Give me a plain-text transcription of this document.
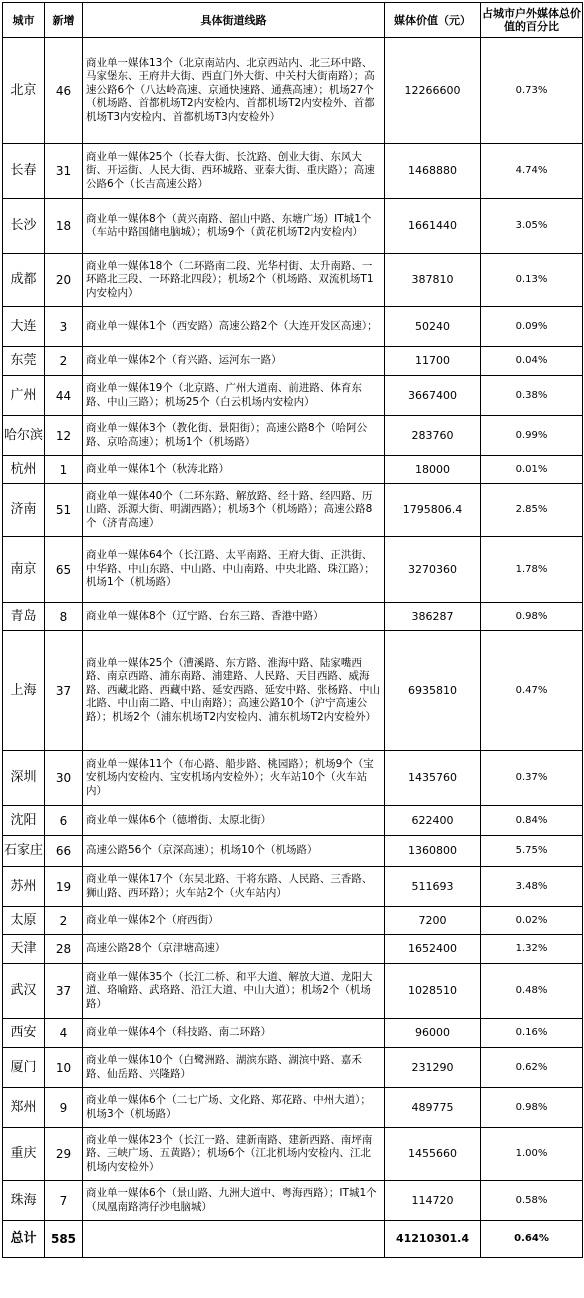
城市	新增	具体街道线路	媒体价值（元）	占城市户外媒体总价值的百分比
北京	46	商业单一媒体13个（北京南站内、北京西站内、北三环中路、马家堡东、王府井大街、西直门外大街、中关村大街南路）；高速公路6个（八达岭高速、京通快速路、通燕高速）；机场27个（机场路、首都机场T2内安检内、首都机场T2内安检外、首都机场T3内安检内、首都机场T3内安检外）	12266600	0.73%
长春	31	商业单一媒体25个（长春大街、长沈路、创业大街、东风大街、开运街、人民大街、西环城路、亚泰大街、重庆路）；高速公路6个（长吉高速公路）	1468880	4.74%
长沙	18	商业单一媒体8个（黄兴南路、韶山中路、东塘广场）IT城1个（车站中路国储电脑城）；机场9个（黄花机场T2内安检内）	1661440	3.05%
成都	20	商业单一媒体18个（二环路南二段、光华村街、太升南路、一环路北三段、一环路北四段）；机场2个（机场路、双流机场T1内安检内）	387810	0.13%
大连	3	商业单一媒体1个（西安路）高速公路2个（大连开发区高速）；	50240	0.09%
东莞	2	商业单一媒体2个（育兴路、运河东一路）	11700	0.04%
广州	44	商业单一媒体19个（北京路、广州大道南、前进路、体育东路、中山三路）；机场25个（白云机场内安检内）	3667400	0.38%
哈尔滨	12	商业单一媒体3个（教化街、景阳街）；高速公路8个（哈阿公路、京哈高速）；机场1个（机场路）	283760	0.99%
杭州	1	商业单一媒体1个（秋涛北路）	18000	0.01%
济南	51	商业单一媒体40个（二环东路、解放路、经十路、经四路、历山路、泺源大街、明湖西路）；机场3个（机场路）；高速公路8个（济青高速）	1795806.4	2.85%
南京	65	商业单一媒体64个（长江路、太平南路、王府大街、正洪街、中华路、中山东路、中山路、中山南路、中央北路、珠江路）；机场1个（机场路）	3270360	1.78%
青岛	8	商业单一媒体8个（辽宁路、台东三路、香港中路）	386287	0.98%
上海	37	商业单一媒体25个（漕溪路、东方路、淮海中路、陆家嘴西路、南京西路、浦东南路、浦建路、人民路、天目西路、威海路、西藏北路、西藏中路、延安西路、延安中路、张杨路、中山北路、中山南二路、中山南路）；高速公路10个（沪宁高速公路）；机场2个（浦东机场T2内安检内、浦东机场T2内安检外）	6935810	0.47%
深圳	30	商业单一媒体11个（布心路、船步路、桃园路）；机场9个（宝安机场内安检内、宝安机场内安检外）；火车站10个（火车站内）	1435760	0.37%
沈阳	6	商业单一媒体6个（德增街、太原北街）	622400	0.84%
石家庄	66	高速公路56个（京深高速）；机场10个（机场路）	1360800	5.75%
苏州	19	商业单一媒体17个（东吴北路、干将东路、人民路、三香路、狮山路、西环路）；火车站2个（火车站内）	511693	3.48%
太原	2	商业单一媒体2个（府西街）	7200	0.02%
天津	28	高速公路28个（京津塘高速）	1652400	1.32%
武汉	37	商业单一媒体35个（长江二桥、和平大道、解放大道、龙阳大道、珞喻路、武珞路、沿江大道、中山大道）；机场2个（机场路）	1028510	0.48%
西安	4	商业单一媒体4个（科技路、南二环路）	96000	0.16%
厦门	10	商业单一媒体10个（白鹭洲路、湖滨东路、湖滨中路、嘉禾路、仙岳路、兴隆路）	231290	0.62%
郑州	9	商业单一媒体6个（二七广场、文化路、郑花路、中州大道）；机场3个（机场路）	489775	0.98%
重庆	29	商业单一媒体23个（长江一路、建新南路、建新西路、南坪南路、三峡广场、五黄路）；机场6个（江北机场内安检内、江北机场内安检外）	1455660	1.00%
珠海	7	商业单一媒体6个（景山路、九洲大道中、粤海西路）；IT城1个（凤凰南路湾仔沙电脑城）	114720	0.58%
总计	585		41210301.4	0.64%
